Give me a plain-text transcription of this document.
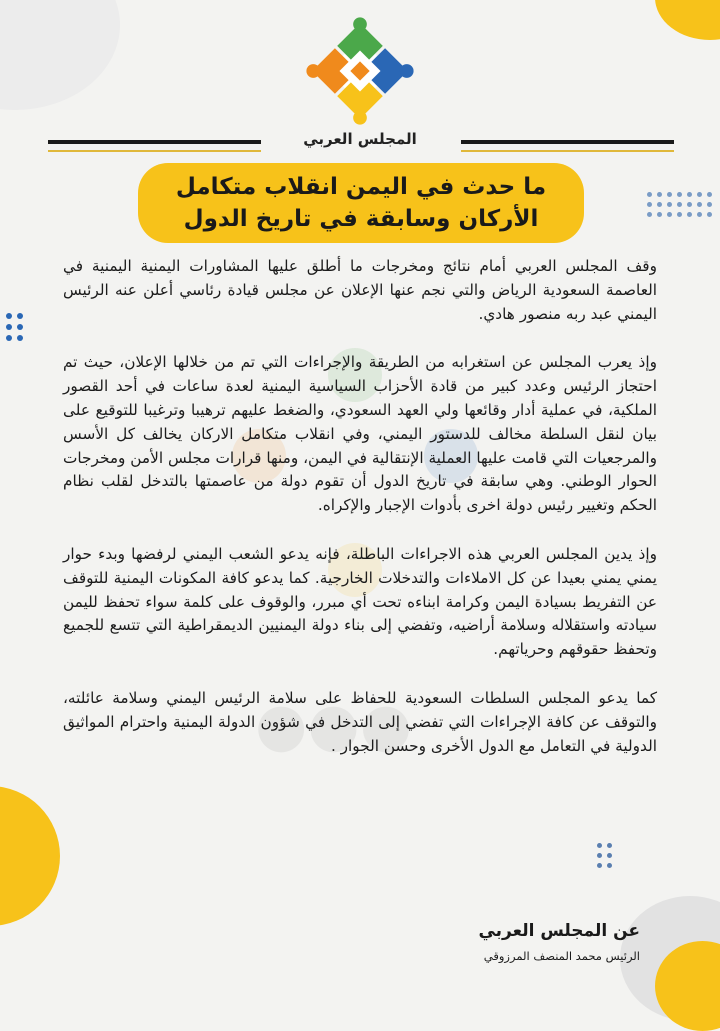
●●●
المجلس العربي
ما حدث في اليمن انقلاب متكامل
الأركان وسابقة في تاريخ الدول

وقف المجلس العربي أمام نتائج ومخرجات ما أطلق عليها المشاورات اليمنية اليمنية في العاصمة السعودية الرياض والتي نجم عنها الإعلان عن مجلس قيادة رئاسي أعلن عنه الرئيس اليمني عبد ربه منصور هادي.

وإذ يعرب المجلس عن استغرابه من الطريقة والإجراءات التي تم من خلالها الإعلان، حيث تم احتجاز الرئيس وعدد كبير من قادة الأحزاب السياسية اليمنية لعدة ساعات في أحد القصور الملكية، في عملية أدار وقائعها ولي العهد السعودي، والضغط عليهم ترهيبا وترغيبا للتوقيع على بيان لنقل السلطة مخالف للدستور اليمني، وفي انقلاب متكامل الاركان يخالف كل الأسس والمرجعيات التي قامت عليها العملية الإنتقالية في اليمن، ومنها قرارات مجلس الأمن ومخرجات الحوار الوطني. وهي سابقة في تاريخ الدول أن تقوم دولة من عاصمتها بالتدخل لقلب نظام الحكم وتغيير رئيس دولة اخرى بأدوات الإجبار والإكراه.

وإذ يدين المجلس العربي هذه الاجراءات الباطلة، فإنه يدعو الشعب اليمني لرفضها وبدء حوار يمني يمني بعيدا عن كل الاملاءات والتدخلات الخارجية. كما يدعو كافة المكونات اليمنية للتوقف عن التفريط بسيادة اليمن وكرامة ابناءه تحت أي مبرر، والوقوف على كلمة سواء تحفظ لليمن سيادته واستقلاله وسلامة أراضيه، وتفضي إلى بناء دولة اليمنيين الديمقراطية التي تتسع للجميع وتحفظ حقوقهم وحرياتهم.

كما يدعو المجلس السلطات السعودية للحفاظ على سلامة الرئيس اليمني وسلامة عائلته، والتوقف عن كافة الإجراءات التي تفضي إلى التدخل في شؤون الدولة اليمنية واحترام المواثيق الدولية في التعامل مع الدول الأخرى وحسن الجوار .

عن المجلس العربي
الرئيس محمد المنصف المرزوقي
